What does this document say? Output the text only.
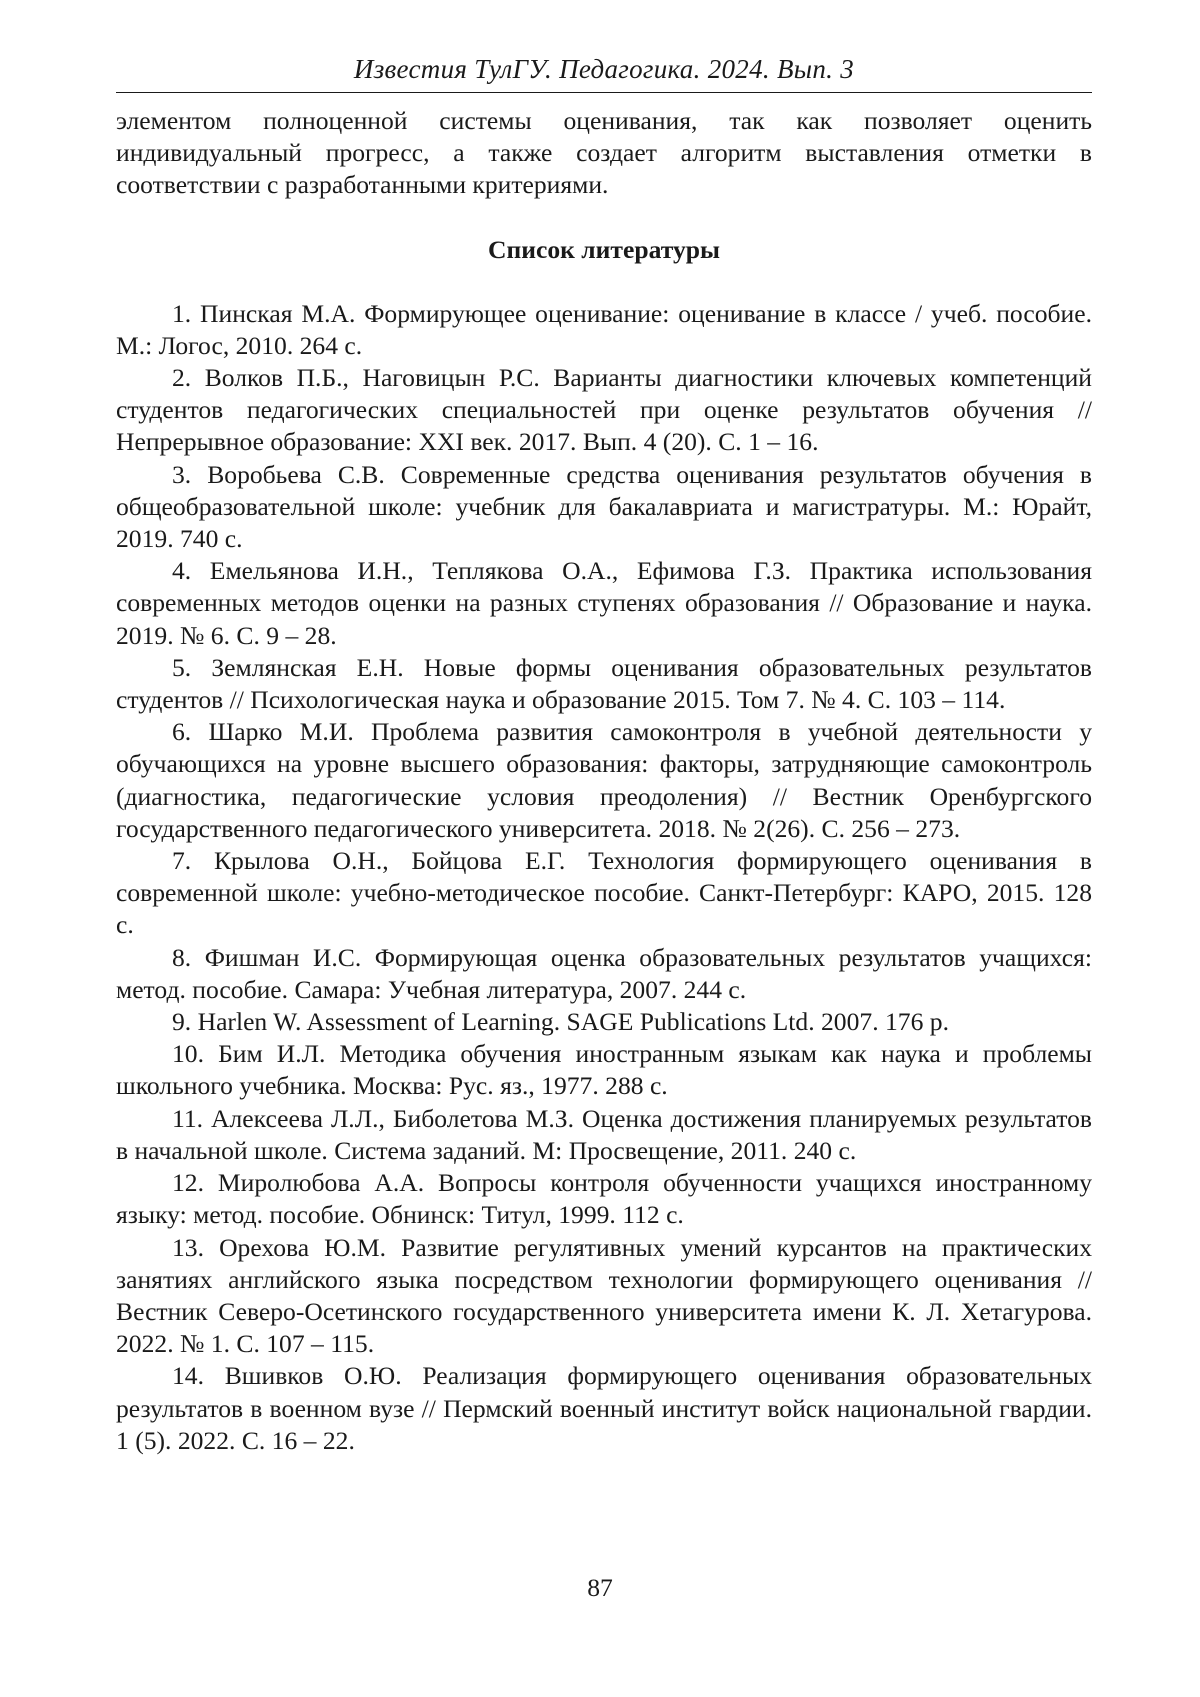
Известия ТулГУ. Педагогика. 2024. Вып. 3

элементом полноценной системы оценивания, так как позволяет оценить индивидуальный прогресс, а также создает алгоритм выставления отметки в соответствии с разработанными критериями.

Список литературы
1. Пинская М.А. Формирующее оценивание: оценивание в классе / учеб. пособие. М.: Логос, 2010. 264 с.
2. Волков П.Б., Наговицын Р.С. Варианты диагностики ключевых компетенций студентов педагогических специальностей при оценке результатов обучения // Непрерывное образование: XXI век. 2017. Вып. 4 (20). С. 1 – 16.
3. Воробьева С.В. Современные средства оценивания результатов обучения в общеобразовательной школе: учебник для бакалавриата и магистратуры. М.: Юрайт, 2019. 740 с.
4. Емельянова И.Н., Теплякова О.А., Ефимова Г.З. Практика использования современных методов оценки на разных ступенях образования // Образование и наука. 2019. № 6. С. 9 – 28.
5. Землянская Е.Н. Новые формы оценивания образовательных результатов студентов // Психологическая наука и образование 2015. Том 7. № 4. С. 103 – 114.
6. Шарко М.И. Проблема развития самоконтроля в учебной деятельности у обучающихся на уровне высшего образования: факторы, затрудняющие самоконтроль (диагностика, педагогические условия преодоления) // Вестник Оренбургского государственного педагогического университета. 2018. № 2(26). С. 256 – 273.
7. Крылова О.Н., Бойцова Е.Г. Технология формирующего оценивания в современной школе: учебно-методическое пособие. Санкт-Петербург: КАРО, 2015. 128 с.
8. Фишман И.С. Формирующая оценка образовательных результатов учащихся: метод. пособие. Самара: Учебная литература, 2007. 244 с.
9. Harlen W. Assessment of Learning. SAGE Publications Ltd. 2007. 176 p.
10. Бим И.Л. Методика обучения иностранным языкам как наука и проблемы школьного учебника. Москва: Рус. яз., 1977. 288 с.
11. Алексеева Л.Л., Биболетова М.З. Оценка достижения планируемых результатов в начальной школе. Система заданий. М: Просвещение, 2011. 240 с.
12. Миролюбова А.А. Вопросы контроля обученности учащихся иностранному языку: метод. пособие. Обнинск: Титул, 1999. 112 с.
13. Орехова Ю.М. Развитие регулятивных умений курсантов на практических занятиях английского языка посредством технологии формирующего оценивания // Вестник Северо-Осетинского государственного университета имени К. Л. Хетагурова. 2022. № 1. С. 107 – 115.
14. Вшивков О.Ю. Реализация формирующего оценивания образовательных результатов в военном вузе // Пермский военный институт войск национальной гвардии. 1 (5). 2022. С. 16 – 22.
87
